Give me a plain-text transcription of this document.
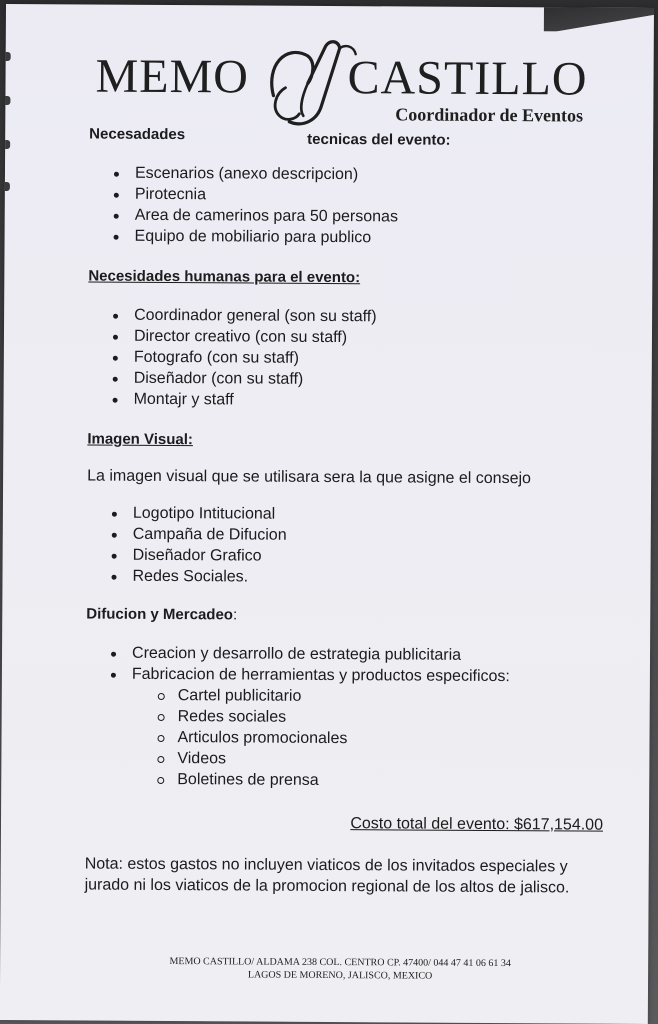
MEMO CASTILLO
Coordinador de Eventos
Necesadades	tecnicas del evento:
Escenarios (anexo descripcion)
Pirotecnia
Area de camerinos para 50 personas
Equipo de mobiliario para publico
Necesidades humanas para el evento:
Coordinador general (son su staff)
Director creativo (con su staff)
Fotografo (con su staff)
Diseñador (con su staff)
Montajr y staff
Imagen Visual:
La imagen visual que se utilisara sera la que asigne el consejo
Logotipo Intitucional
Campaña de Difucion
Diseñador Grafico
Redes Sociales.
Difucion y Mercadeo:
Creacion y desarrollo de estrategia publicitaria
Fabricacion de herramientas y productos especificos:
Cartel publicitario
Redes sociales
Articulos promocionales
Videos
Boletines de prensa
Costo total del evento: $617,154.00
Nota: estos gastos no incluyen viaticos de los invitados especiales y jurado ni los viaticos de la promocion regional de los altos de jalisco.
MEMO CASTILLO/ ALDAMA 238 COL. CENTRO CP. 47400/ 044 47 41 06 61 34
LAGOS DE MORENO, JALISCO, MEXICO
